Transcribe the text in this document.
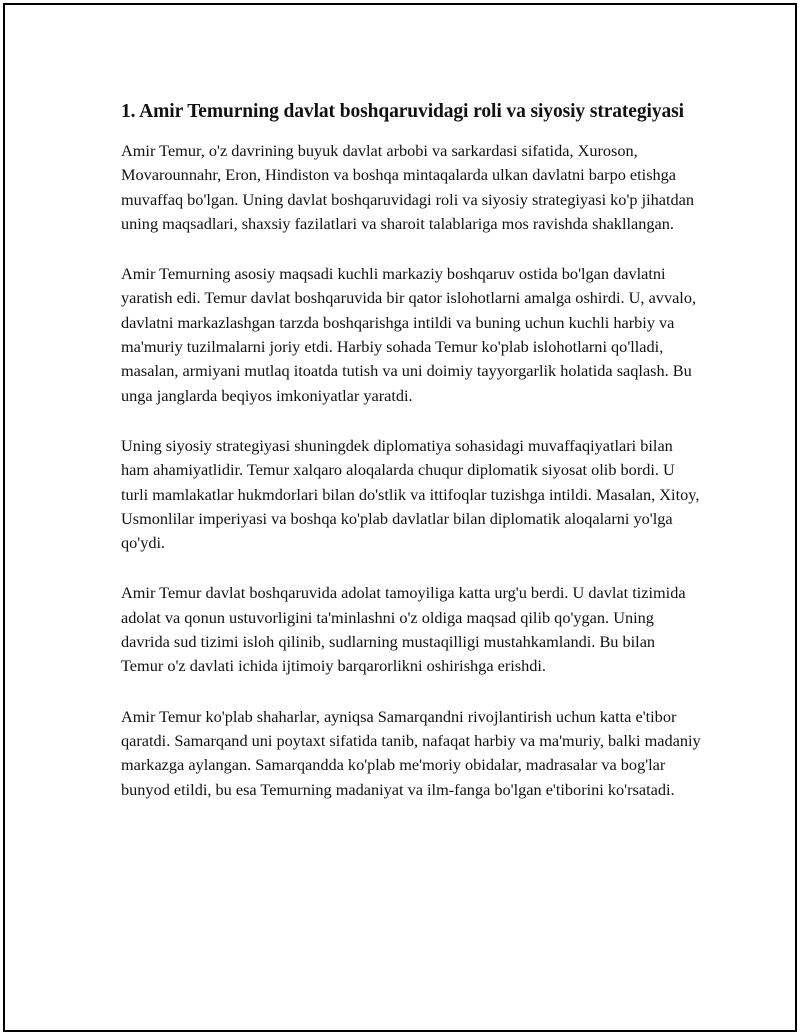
1. Amir Temurning davlat boshqaruvidagi roli va siyosiy strategiyasi

Amir Temur, o'z davrining buyuk davlat arbobi va sarkardasi sifatida, Xuroson, Movarounnahr, Eron, Hindiston va boshqa mintaqalarda ulkan davlatni barpo etishga muvaffaq bo'lgan. Uning davlat boshqaruvidagi roli va siyosiy strategiyasi ko'p jihatdan uning maqsadlari, shaxsiy fazilatlari va sharoit talablariga mos ravishda shakllangan.

Amir Temurning asosiy maqsadi kuchli markaziy boshqaruv ostida bo'lgan davlatni yaratish edi. Temur davlat boshqaruvida bir qator islohotlarni amalga oshirdi. U, avvalo, davlatni markazlashgan tarzda boshqarishga intildi va buning uchun kuchli harbiy va ma'muriy tuzilmalarni joriy etdi. Harbiy sohada Temur ko'plab islohotlarni qo'lladi, masalan, armiyani mutlaq itoatda tutish va uni doimiy tayyorgarlik holatida saqlash. Bu unga janglarda beqiyos imkoniyatlar yaratdi.

Uning siyosiy strategiyasi shuningdek diplomatiya sohasidagi muvaffaqiyatlari bilan ham ahamiyatlidir. Temur xalqaro aloqalarda chuqur diplomatik siyosat olib bordi. U turli mamlakatlar hukmdorlari bilan do'stlik va ittifoqlar tuzishga intildi. Masalan, Xitoy, Usmonlilar imperiyasi va boshqa ko'plab davlatlar bilan diplomatik aloqalarni yo'lga qo'ydi.

Amir Temur davlat boshqaruvida adolat tamoyiliga katta urg'u berdi. U davlat tizimida adolat va qonun ustuvorligini ta'minlashni o'z oldiga maqsad qilib qo'ygan. Uning davrida sud tizimi isloh qilinib, sudlarning mustaqilligi mustahkamlandi. Bu bilan Temur o'z davlati ichida ijtimoiy barqarorlikni oshirishga erishdi.

Amir Temur ko'plab shaharlar, ayniqsa Samarqandni rivojlantirish uchun katta e'tibor qaratdi. Samarqand uni poytaxt sifatida tanib, nafaqat harbiy va ma'muriy, balki madaniy markazga aylangan. Samarqandda ko'plab me'moriy obidalar, madrasalar va bog'lar bunyod etildi, bu esa Temurning madaniyat va ilm-fanga bo'lgan e'tiborini ko'rsatadi.
